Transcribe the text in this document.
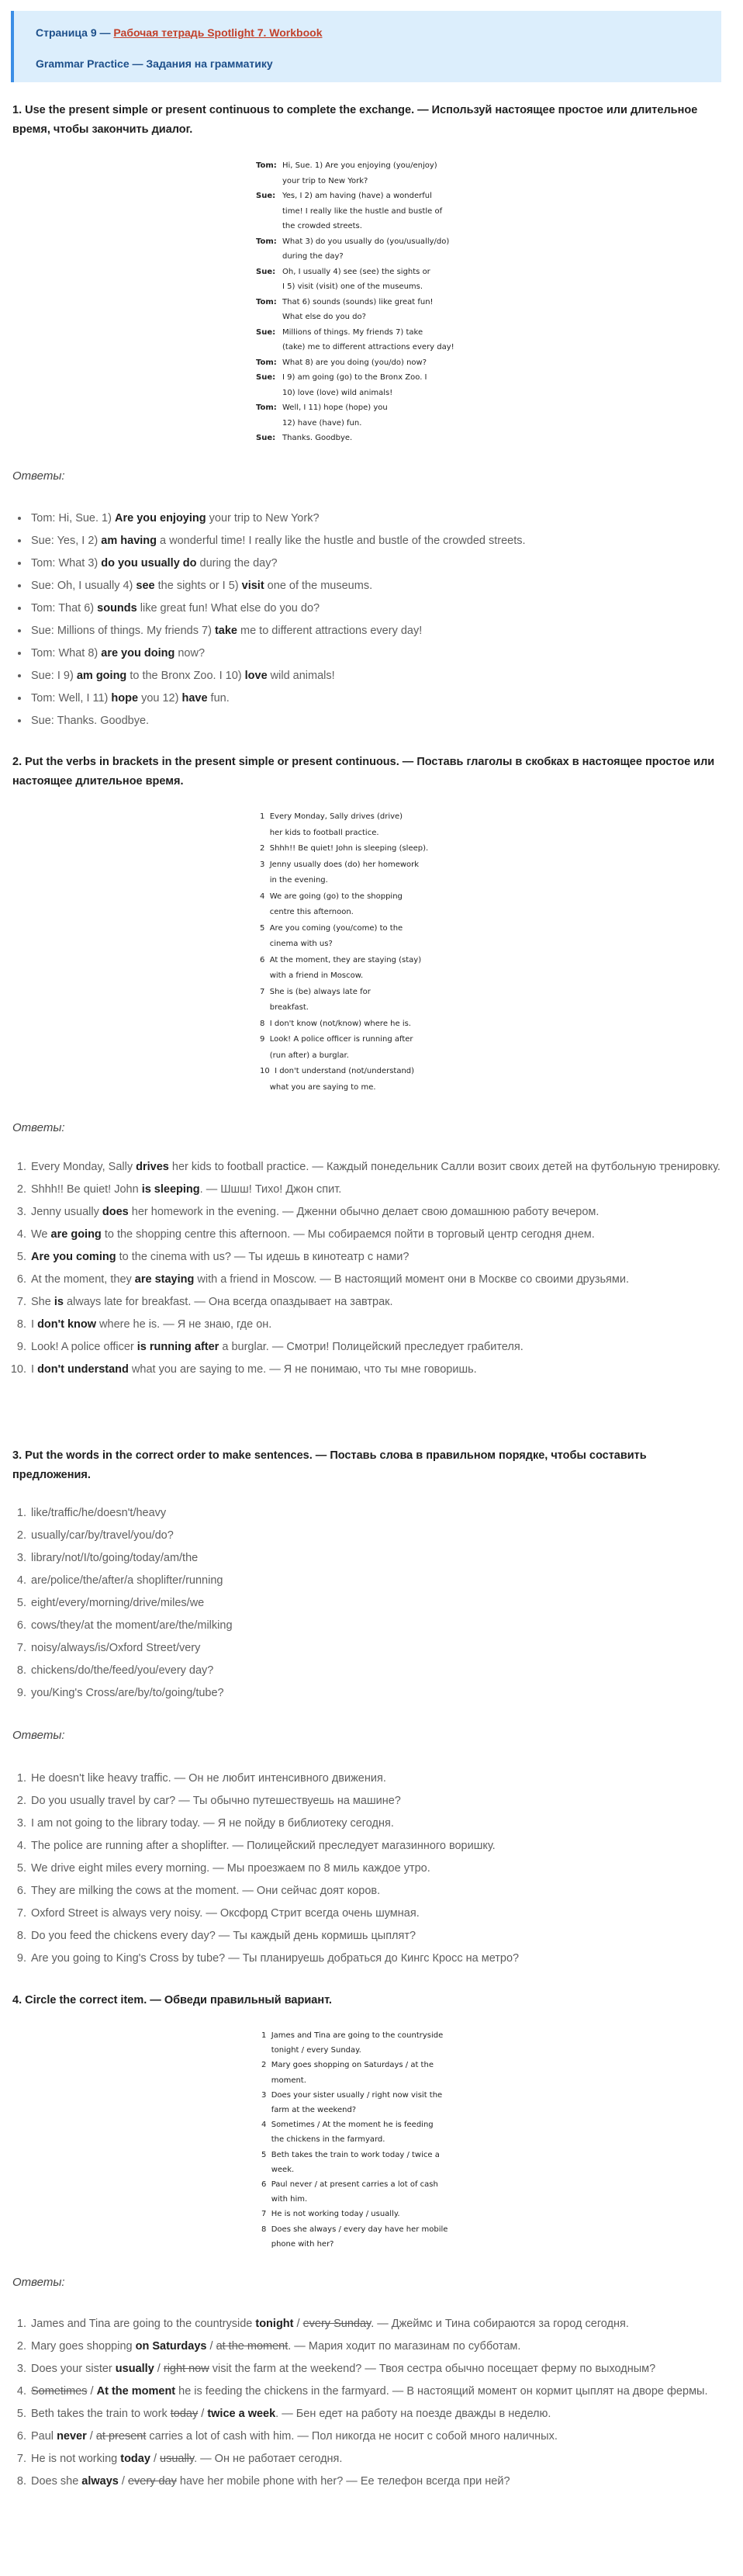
Страница 9 — Рабочая тетрадь Spotlight 7. Workbook
Grammar Practice — Задания на грамматику
1. Use the present simple or present continuous to complete the exchange. — Используй настоящее простое или длительное время, чтобы закончить диалог.
Tom: Hi, Sue. 1) Are you enjoying (you/enjoy)
your trip to New York?
Sue: Yes, I 2) am having (have) a wonderful
time! I really like the hustle and bustle of
the crowded streets.
Tom: What 3) do you usually do (you/usually/do)
during the day?
Sue: Oh, I usually 4) see (see) the sights or
I 5) visit (visit) one of the museums.
Tom: That 6) sounds (sounds) like great fun!
What else do you do?
Sue: Millions of things. My friends 7) take
(take) me to different attractions every day!
Tom: What 8) are you doing (you/do) now?
Sue: I 9) am going (go) to the Bronx Zoo. I
10) love (love) wild animals!
Tom: Well, I 11) hope (hope) you
12) have (have) fun.
Sue: Thanks. Goodbye.
Ответы:
• Tom: Hi, Sue. 1) Are you enjoying your trip to New York?
• Sue: Yes, I 2) am having a wonderful time! I really like the hustle and bustle of the crowded streets.
• Tom: What 3) do you usually do during the day?
• Sue: Oh, I usually 4) see the sights or I 5) visit one of the museums.
• Tom: That 6) sounds like great fun! What else do you do?
• Sue: Millions of things. My friends 7) take me to different attractions every day!
• Tom: What 8) are you doing now?
• Sue: I 9) am going to the Bronx Zoo. I 10) love wild animals!
• Tom: Well, I 11) hope you 12) have fun.
• Sue: Thanks. Goodbye.
2. Put the verbs in brackets in the present simple or present continuous. — Поставь глаголы в скобках в настоящее простое или настоящее длительное время.
1  Every Monday, Sally drives (drive)
her kids to football practice.
2  Shhh!! Be quiet! John is sleeping (sleep).
3  Jenny usually does (do) her homework
in the evening.
4  We are going (go) to the shopping
centre this afternoon.
5  Are you coming (you/come) to the
cinema with us?
6  At the moment, they are staying (stay)
with a friend in Moscow.
7  She is (be) always late for
breakfast.
8  I don't know (not/know) where he is.
9  Look! A police officer is running after
(run after) a burglar.
10  I don't understand (not/understand)
what you are saying to me.
Ответы:
1. Every Monday, Sally drives her kids to football practice. — Каждый понедельник Салли возит своих детей на футбольную тренировку.
2. Shhh!! Be quiet! John is sleeping. — Шшш! Тихо! Джон спит.
3. Jenny usually does her homework in the evening. — Дженни обычно делает свою домашнюю работу вечером.
4. We are going to the shopping centre this afternoon. — Мы собираемся пойти в торговый центр сегодня днем.
5. Are you coming to the cinema with us? — Ты идешь в кинотеатр с нами?
6. At the moment, they are staying with a friend in Moscow. — В настоящий момент они в Москве со своими друзьями.
7. She is always late for breakfast. — Она всегда опаздывает на завтрак.
8. I don't know where he is. — Я не знаю, где он.
9. Look! A police officer is running after a burglar. — Смотри! Полицейский преследует грабителя.
10. I don't understand what you are saying to me. — Я не понимаю, что ты мне говоришь.
3. Put the words in the correct order to make sentences. — Поставь слова в правильном порядке, чтобы составить предложения.
1. like/traffic/he/doesn't/heavy
2. usually/car/by/travel/you/do?
3. library/not/I/to/going/today/am/the
4. are/police/the/after/a shoplifter/running
5. eight/every/morning/drive/miles/we
6. cows/they/at the moment/are/the/milking
7. noisy/always/is/Oxford Street/very
8. chickens/do/the/feed/you/every day?
9. you/King's Cross/are/by/to/going/tube?
Ответы:
1. He doesn't like heavy traffic. — Он не любит интенсивного движения.
2. Do you usually travel by car? — Ты обычно путешествуешь на машине?
3. I am not going to the library today. — Я не пойду в библиотеку сегодня.
4. The police are running after a shoplifter. — Полицейский преследует магазинного воришку.
5. We drive eight miles every morning. — Мы проезжаем по 8 миль каждое утро.
6. They are milking the cows at the moment. — Они сейчас доят коров.
7. Oxford Street is always very noisy. — Оксфорд Стрит всегда очень шумная.
8. Do you feed the chickens every day? — Ты каждый день кормишь цыплят?
9. Are you going to King's Cross by tube? — Ты планируешь добраться до Кингс Кросс на метро?
4. Circle the correct item. — Обведи правильный вариант.
1  James and Tina are going to the countryside
tonight / every Sunday.
2  Mary goes shopping on Saturdays / at the
moment.
3  Does your sister usually / right now visit the
farm at the weekend?
4  Sometimes / At the moment he is feeding
the chickens in the farmyard.
5  Beth takes the train to work today / twice a
week.
6  Paul never / at present carries a lot of cash
with him.
7  He is not working today / usually.
8  Does she always / every day have her mobile
phone with her?
Ответы:
1. James and Tina are going to the countryside tonight / every Sunday. — Джеймс и Тина собираются за город сегодня.
2. Mary goes shopping on Saturdays / at the moment. — Мария ходит по магазинам по субботам.
3. Does your sister usually / right now visit the farm at the weekend? — Твоя сестра обычно посещает ферму по выходным?
4. Sometimes / At the moment he is feeding the chickens in the farmyard. — В настоящий момент он кормит цыплят на дворе фермы.
5. Beth takes the train to work today / twice a week. — Бен едет на работу на поезде дважды в неделю.
6. Paul never / at present carries a lot of cash with him. — Пол никогда не носит с собой много наличных.
7. He is not working today / usually. — Он не работает сегодня.
8. Does she always / every day have her mobile phone with her? — Ее телефон всегда при ней?
